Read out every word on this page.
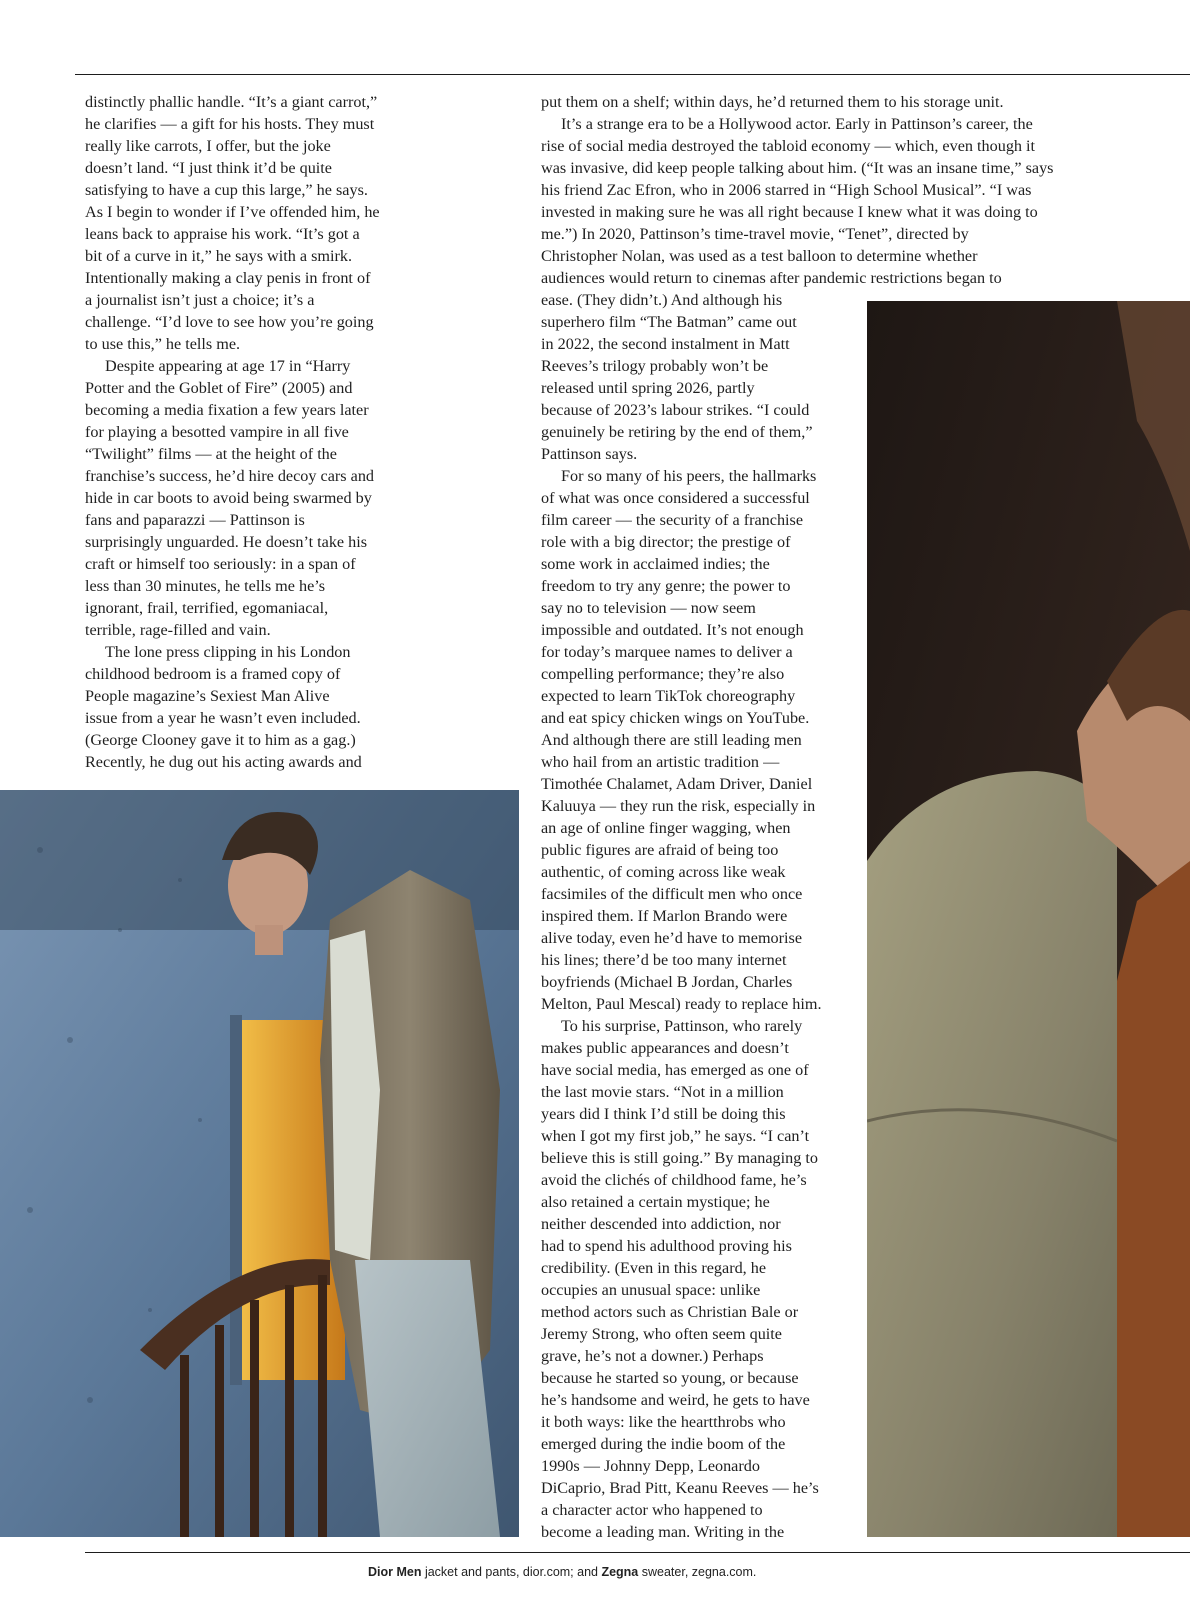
distinctly phallic handle. “It’s a giant carrot,”

he clarifies — a gift for his hosts. They must

really like carrots, I offer, but the joke

doesn’t land. “I just think it’d be quite

satisfying to have a cup this large,” he says.

As I begin to wonder if I’ve offended him, he

leans back to appraise his work. “It’s got a

bit of a curve in it,” he says with a smirk.

Intentionally making a clay penis in front of

a journalist isn’t just a choice; it’s a

challenge. “I’d love to see how you’re going

to use this,” he tells me.

Despite appearing at age 17 in “Harry

Potter and the Goblet of Fire” (2005) and

becoming a media fixation a few years later

for playing a besotted vampire in all five

“Twilight” films — at the height of the

franchise’s success, he’d hire decoy cars and

hide in car boots to avoid being swarmed by

fans and paparazzi — Pattinson is

surprisingly unguarded. He doesn’t take his

craft or himself too seriously: in a span of

less than 30 minutes, he tells me he’s

ignorant, frail, terrified, egomaniacal,

terrible, rage-filled and vain.

The lone press clipping in his London

childhood bedroom is a framed copy of

People magazine’s Sexiest Man Alive

issue from a year he wasn’t even included.

(George Clooney gave it to him as a gag.)

Recently, he dug out his acting awards and

put them on a shelf; within days, he’d returned them to his storage unit.

It’s a strange era to be a Hollywood actor. Early in Pattinson’s career, the

rise of social media destroyed the tabloid economy — which, even though it

was invasive, did keep people talking about him. (“It was an insane time,” says

his friend Zac Efron, who in 2006 starred in “High School Musical”. “I was

invested in making sure he was all right because I knew what it was doing to

me.”) In 2020, Pattinson’s time-travel movie, “Tenet”, directed by

Christopher Nolan, was used as a test balloon to determine whether

audiences would return to cinemas after pandemic restrictions began to

ease. (They didn’t.) And although his

superhero film “The Batman” came out

in 2022, the second instalment in Matt

Reeves’s trilogy probably won’t be

released until spring 2026, partly

because of 2023’s labour strikes. “I could

genuinely be retiring by the end of them,”

Pattinson says.

For so many of his peers, the hallmarks

of what was once considered a successful

film career — the security of a franchise

role with a big director; the prestige of

some work in acclaimed indies; the

freedom to try any genre; the power to

say no to television — now seem

impossible and outdated. It’s not enough

for today’s marquee names to deliver a

compelling performance; they’re also

expected to learn TikTok choreography

and eat spicy chicken wings on YouTube.

And although there are still leading men

who hail from an artistic tradition —

Timothée Chalamet, Adam Driver, Daniel

Kaluuya — they run the risk, especially in

an age of online finger wagging, when

public figures are afraid of being too

authentic, of coming across like weak

facsimiles of the difficult men who once

inspired them. If Marlon Brando were

alive today, even he’d have to memorise

his lines; there’d be too many internet

boyfriends (Michael B Jordan, Charles

Melton, Paul Mescal) ready to replace him.

To his surprise, Pattinson, who rarely

makes public appearances and doesn’t

have social media, has emerged as one of

the last movie stars. “Not in a million

years did I think I’d still be doing this

when I got my first job,” he says. “I can’t

believe this is still going.” By managing to

avoid the clichés of childhood fame, he’s

also retained a certain mystique; he

neither descended into addiction, nor

had to spend his adulthood proving his

credibility. (Even in this regard, he

occupies an unusual space: unlike

method actors such as Christian Bale or

Jeremy Strong, who often seem quite

grave, he’s not a downer.) Perhaps

because he started so young, or because

he’s handsome and weird, he gets to have

it both ways: like the heartthrobs who

emerged during the indie boom of the

1990s — Johnny Depp, Leonardo

DiCaprio, Brad Pitt, Keanu Reeves — he’s

a character actor who happened to

become a leading man. Writing in the

Dior Men jacket and pants, dior.com; and Zegna sweater, zegna.com.
